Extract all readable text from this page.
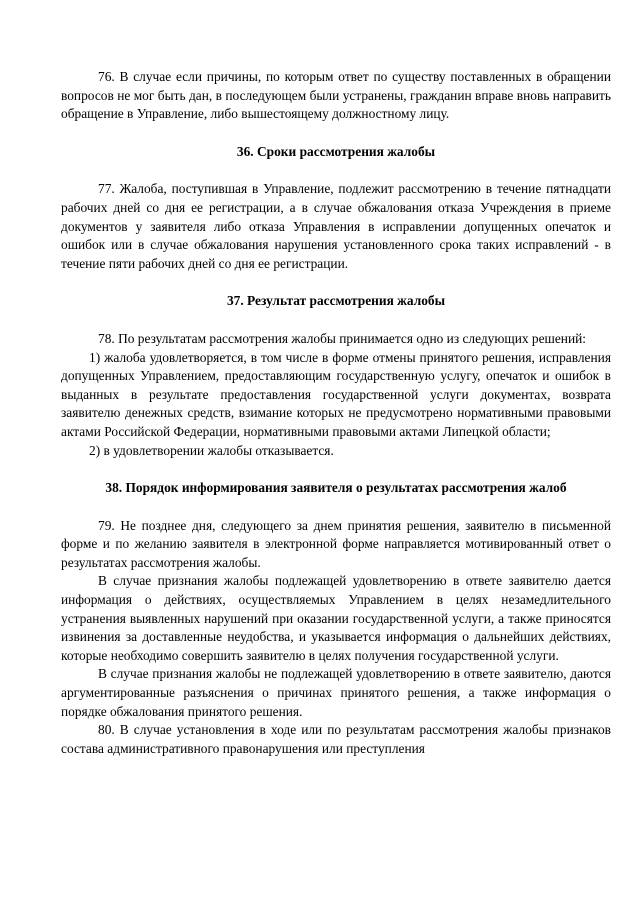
76. В случае если причины, по которым ответ по существу поставленных в обращении вопросов не мог быть дан, в последующем были устранены, гражданин вправе вновь направить обращение в Управление, либо вышестоящему должностному лицу.

36. Сроки рассмотрения жалобы

77. Жалоба, поступившая в Управление, подлежит рассмотрению в течение пятнадцати рабочих дней со дня ее регистрации, а в случае обжалования отказа Учреждения в приеме документов у заявителя либо отказа Управления в исправлении допущенных опечаток и ошибок или в случае обжалования нарушения установленного срока таких исправлений - в течение пяти рабочих дней со дня ее регистрации.

37. Результат рассмотрения жалобы

78. По результатам рассмотрения жалобы принимается одно из следующих решений:

1) жалоба удовлетворяется, в том числе в форме отмены принятого решения, исправления допущенных Управлением, предоставляющим государственную услугу, опечаток и ошибок в выданных в результате предоставления государственной услуги документах, возврата заявителю денежных средств, взимание которых не предусмотрено нормативными правовыми актами Российской Федерации, нормативными правовыми актами Липецкой области;

2) в удовлетворении жалобы отказывается.

38. Порядок информирования заявителя о результатах рассмотрения жалоб

79. Не позднее дня, следующего за днем принятия решения, заявителю в письменной форме и по желанию заявителя в электронной форме направляется мотивированный ответ о результатах рассмотрения жалобы.

В случае признания жалобы подлежащей удовлетворению в ответе заявителю дается информация о действиях, осуществляемых Управлением в целях незамедлительного устранения выявленных нарушений при оказании государственной услуги, а также приносятся извинения за доставленные неудобства, и указывается информация о дальнейших действиях, которые необходимо совершить заявителю в целях получения государственной услуги.

В случае признания жалобы не подлежащей удовлетворению в ответе заявителю, даются аргументированные разъяснения о причинах принятого решения, а также информация о порядке обжалования принятого решения.

80. В случае установления в ходе или по результатам рассмотрения жалобы признаков состава административного правонарушения или преступления
